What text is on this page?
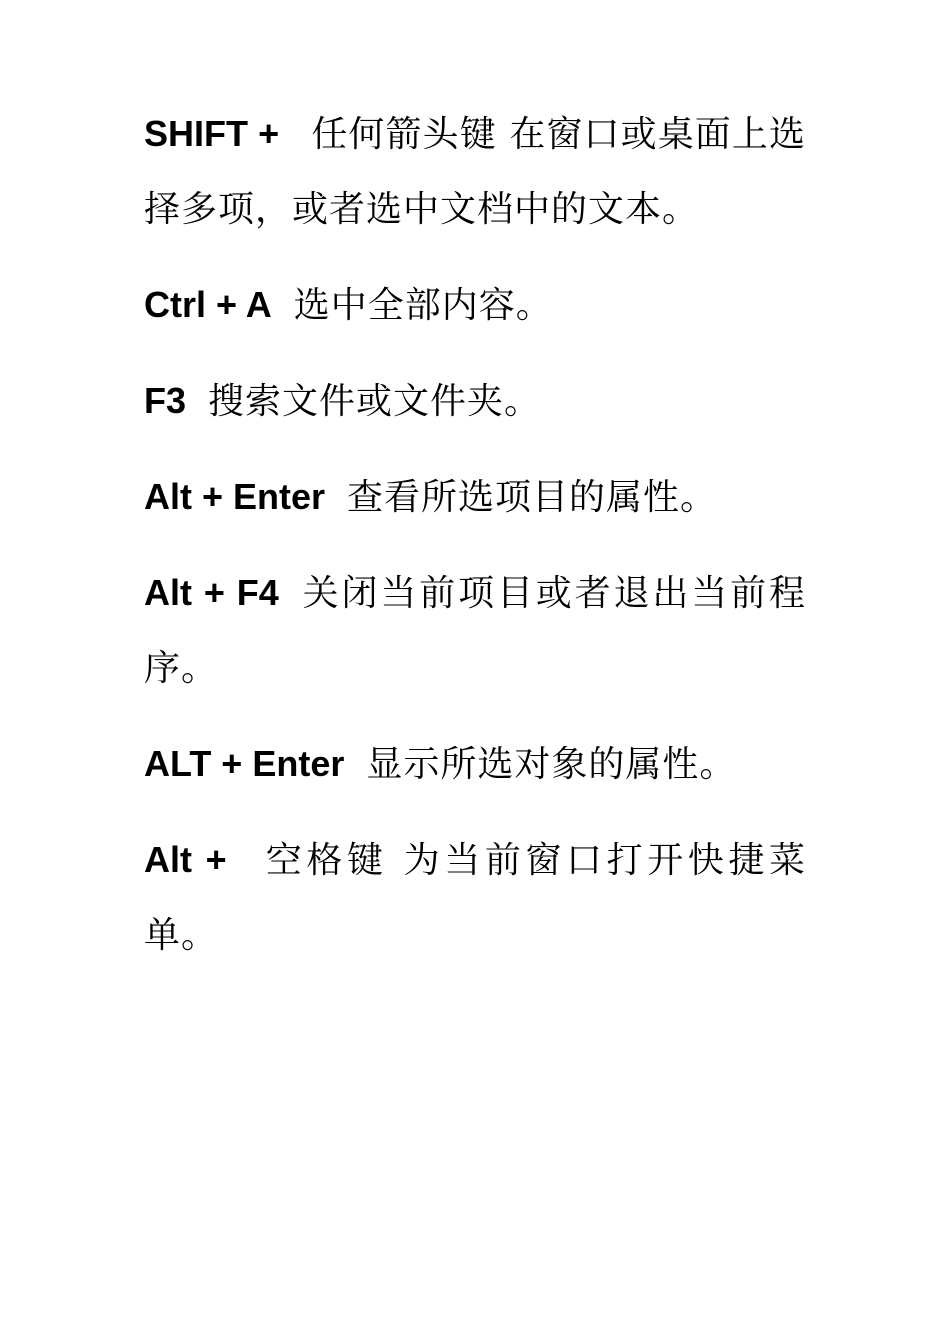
SHIFT + 任何箭头键 在窗口或桌面上选择多项，或者选中文档中的文本。

Ctrl + A 选中全部内容。

F3 搜索文件或文件夹。

Alt + Enter 查看所选项目的属性。

Alt + F4 关闭当前项目或者退出当前程序。

ALT + Enter 显示所选对象的属性。

Alt + 空格键 为当前窗口打开快捷菜单。
